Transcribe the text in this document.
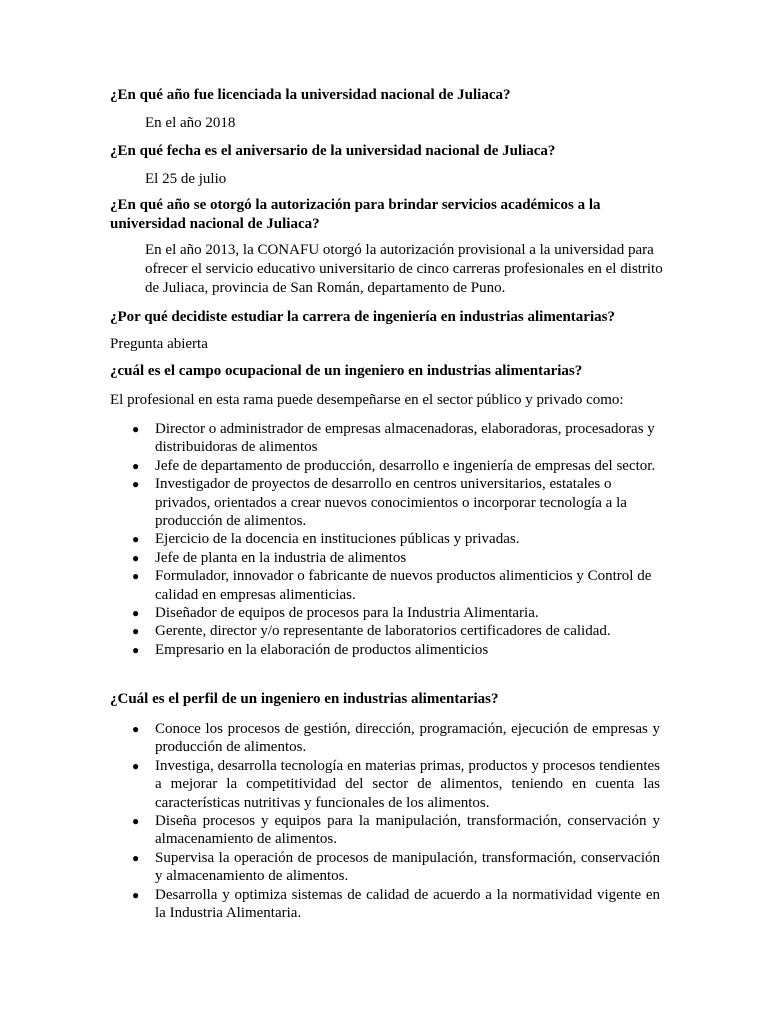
¿En qué año fue licenciada la universidad nacional de Juliaca?

En el año 2018

¿En qué fecha es el aniversario de la universidad nacional de Juliaca?

El 25 de julio

¿En qué año se otorgó la autorización para brindar servicios académicos a la universidad nacional de Juliaca?

En el año 2013, la CONAFU otorgó la autorización provisional a la universidad para ofrecer el servicio educativo universitario de cinco carreras profesionales en el distrito de Juliaca, provincia de San Román, departamento de Puno.

¿Por qué decidiste estudiar la carrera de ingeniería en industrias alimentarias?

Pregunta abierta

¿cuál es el campo ocupacional de un ingeniero en industrias alimentarias?

El profesional en esta rama puede desempeñarse en el sector público y privado como:

● Director o administrador de empresas almacenadoras, elaboradoras, procesadoras y distribuidoras de alimentos
● Jefe de departamento de producción, desarrollo e ingeniería de empresas del sector.
● Investigador de proyectos de desarrollo en centros universitarios, estatales o privados, orientados a crear nuevos conocimientos o incorporar tecnología a la producción de alimentos.
● Ejercicio de la docencia en instituciones públicas y privadas.
● Jefe de planta en la industria de alimentos
● Formulador, innovador o fabricante de nuevos productos alimenticios y Control de calidad en empresas alimenticias.
● Diseñador de equipos de procesos para la Industria Alimentaria.
● Gerente, director y/o representante de laboratorios certificadores de calidad.
● Empresario en la elaboración de productos alimenticios

¿Cuál es el perfil de un ingeniero en industrias alimentarias?

● Conoce los procesos de gestión, dirección, programación, ejecución de empresas y producción de alimentos.
● Investiga, desarrolla tecnología en materias primas, productos y procesos tendientes a mejorar la competitividad del sector de alimentos, teniendo en cuenta las características nutritivas y funcionales de los alimentos.
● Diseña procesos y equipos para la manipulación, transformación, conservación y almacenamiento de alimentos.
● Supervisa la operación de procesos de manipulación, transformación, conservación y almacenamiento de alimentos.
● Desarrolla y optimiza sistemas de calidad de acuerdo a la normatividad vigente en la Industria Alimentaria.
